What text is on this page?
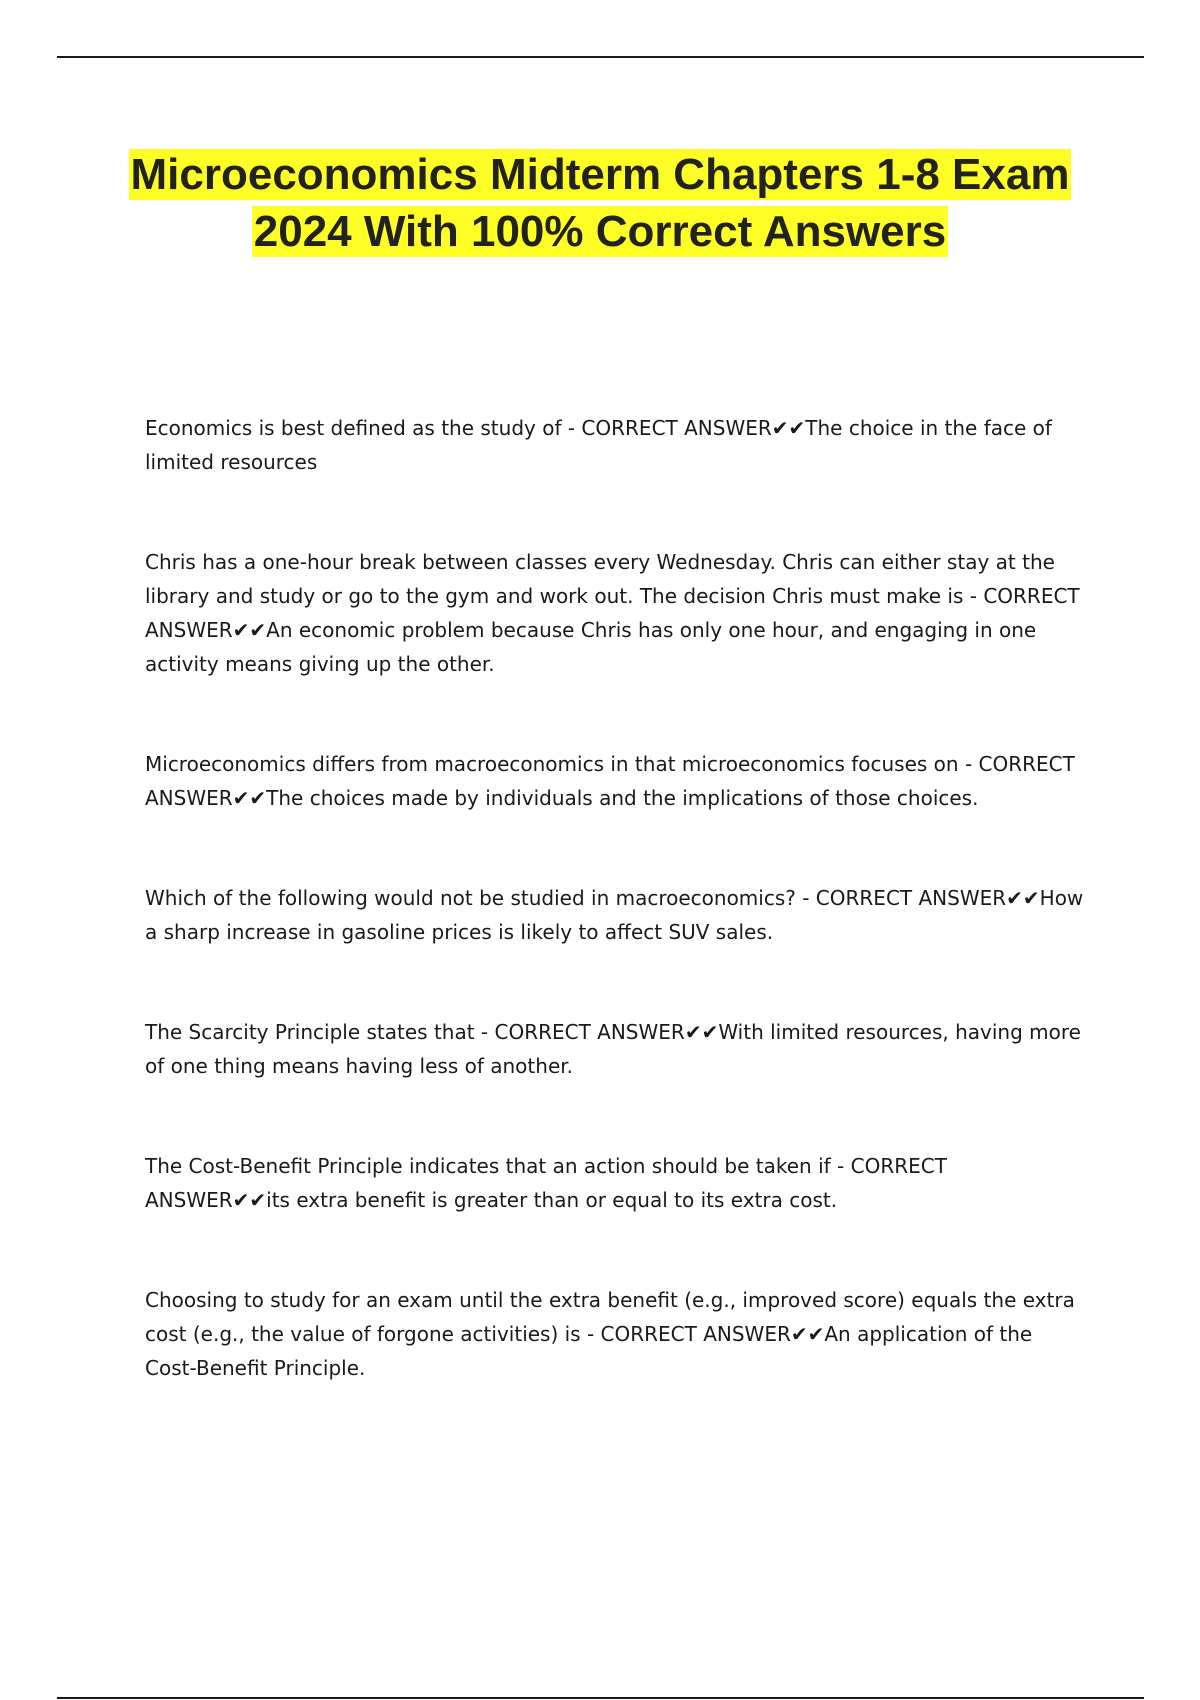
Microeconomics Midterm Chapters 1-8 Exam 2024 With 100% Correct Answers
Economics is best defined as the study of - CORRECT ANSWER✔✔The choice in the face of limited resources
Chris has a one-hour break between classes every Wednesday. Chris can either stay at the library and study or go to the gym and work out. The decision Chris must make is - CORRECT ANSWER✔✔An economic problem because Chris has only one hour, and engaging in one activity means giving up the other.
Microeconomics differs from macroeconomics in that microeconomics focuses on - CORRECT ANSWER✔✔The choices made by individuals and the implications of those choices.
Which of the following would not be studied in macroeconomics? - CORRECT ANSWER✔✔How a sharp increase in gasoline prices is likely to affect SUV sales.
The Scarcity Principle states that - CORRECT ANSWER✔✔With limited resources, having more of one thing means having less of another.
The Cost-Benefit Principle indicates that an action should be taken if - CORRECT ANSWER✔✔its extra benefit is greater than or equal to its extra cost.
Choosing to study for an exam until the extra benefit (e.g., improved score) equals the extra cost (e.g., the value of forgone activities) is - CORRECT ANSWER✔✔An application of the Cost-Benefit Principle.
